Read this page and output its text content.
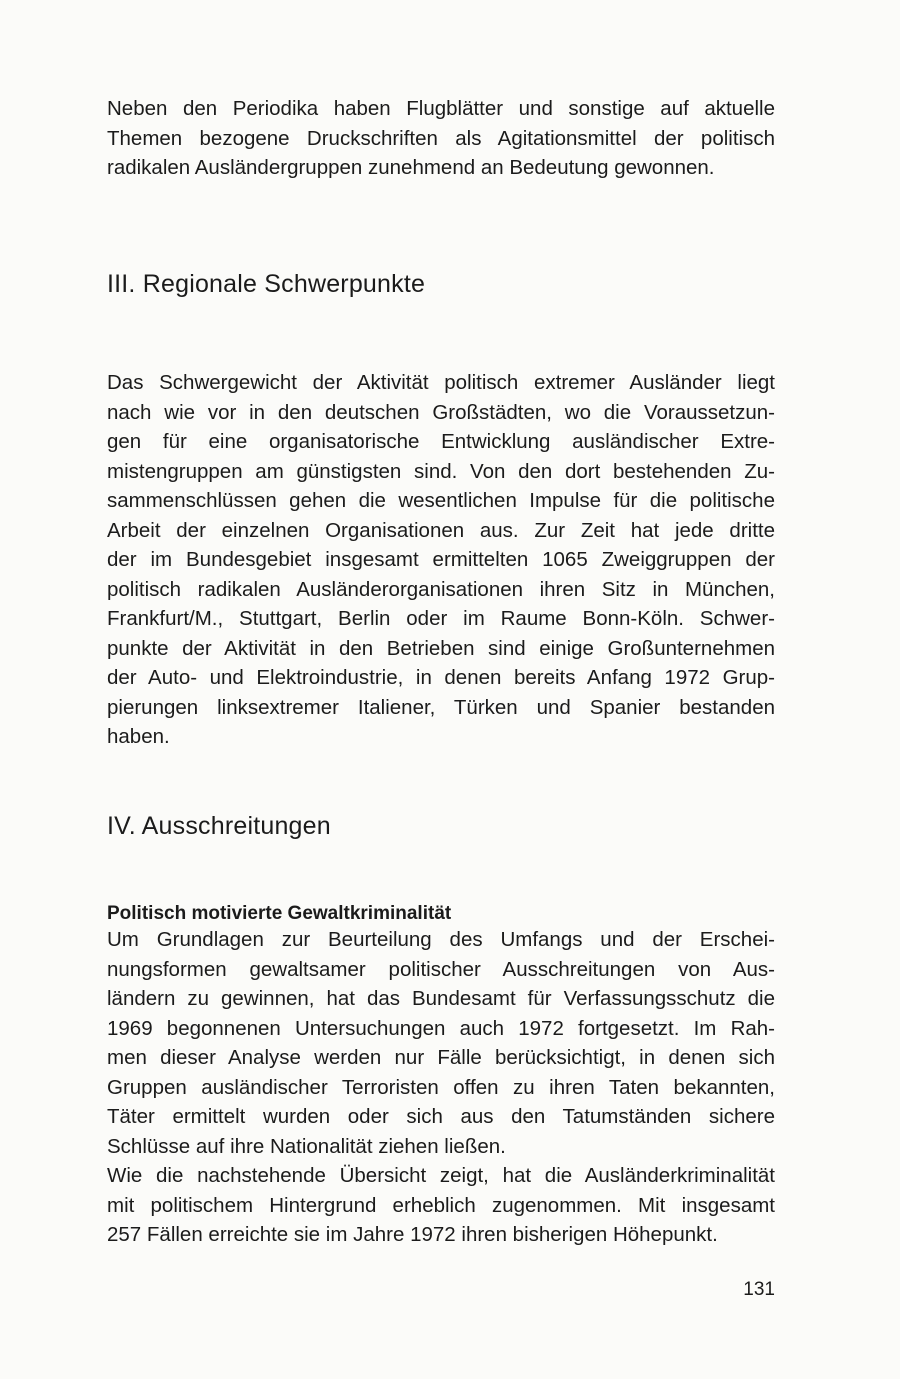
Neben den Periodika haben Flugblätter und sonstige auf aktuelle
Themen bezogene Druckschriften als Agitationsmittel der politisch
radikalen Ausländergruppen zunehmend an Bedeutung gewonnen.

III. Regionale Schwerpunkte

Das Schwergewicht der Aktivität politisch extremer Ausländer liegt
nach wie vor in den deutschen Großstädten, wo die Voraussetzun-
gen für eine organisatorische Entwicklung ausländischer Extre-
mistengruppen am günstigsten sind. Von den dort bestehenden Zu-
sammenschlüssen gehen die wesentlichen Impulse für die politische
Arbeit der einzelnen Organisationen aus. Zur Zeit hat jede dritte
der im Bundesgebiet insgesamt ermittelten 1065 Zweiggruppen der
politisch radikalen Ausländerorganisationen ihren Sitz in München,
Frankfurt/M., Stuttgart, Berlin oder im Raume Bonn-Köln. Schwer-
punkte der Aktivität in den Betrieben sind einige Großunternehmen
der Auto- und Elektroindustrie, in denen bereits Anfang 1972 Grup-
pierungen linksextremer Italiener, Türken und Spanier bestanden
haben.

IV. Ausschreitungen
Politisch motivierte Gewaltkriminalität

Um Grundlagen zur Beurteilung des Umfangs und der Erschei-
nungsformen gewaltsamer politischer Ausschreitungen von Aus-
ländern zu gewinnen, hat das Bundesamt für Verfassungsschutz die
1969 begonnenen Untersuchungen auch 1972 fortgesetzt. Im Rah-
men dieser Analyse werden nur Fälle berücksichtigt, in denen sich
Gruppen ausländischer Terroristen offen zu ihren Taten bekannten,
Täter ermittelt wurden oder sich aus den Tatumständen sichere
Schlüsse auf ihre Nationalität ziehen ließen.
Wie die nachstehende Übersicht zeigt, hat die Ausländerkriminalität
mit politischem Hintergrund erheblich zugenommen. Mit insgesamt
257 Fällen erreichte sie im Jahre 1972 ihren bisherigen Höhepunkt.

131
